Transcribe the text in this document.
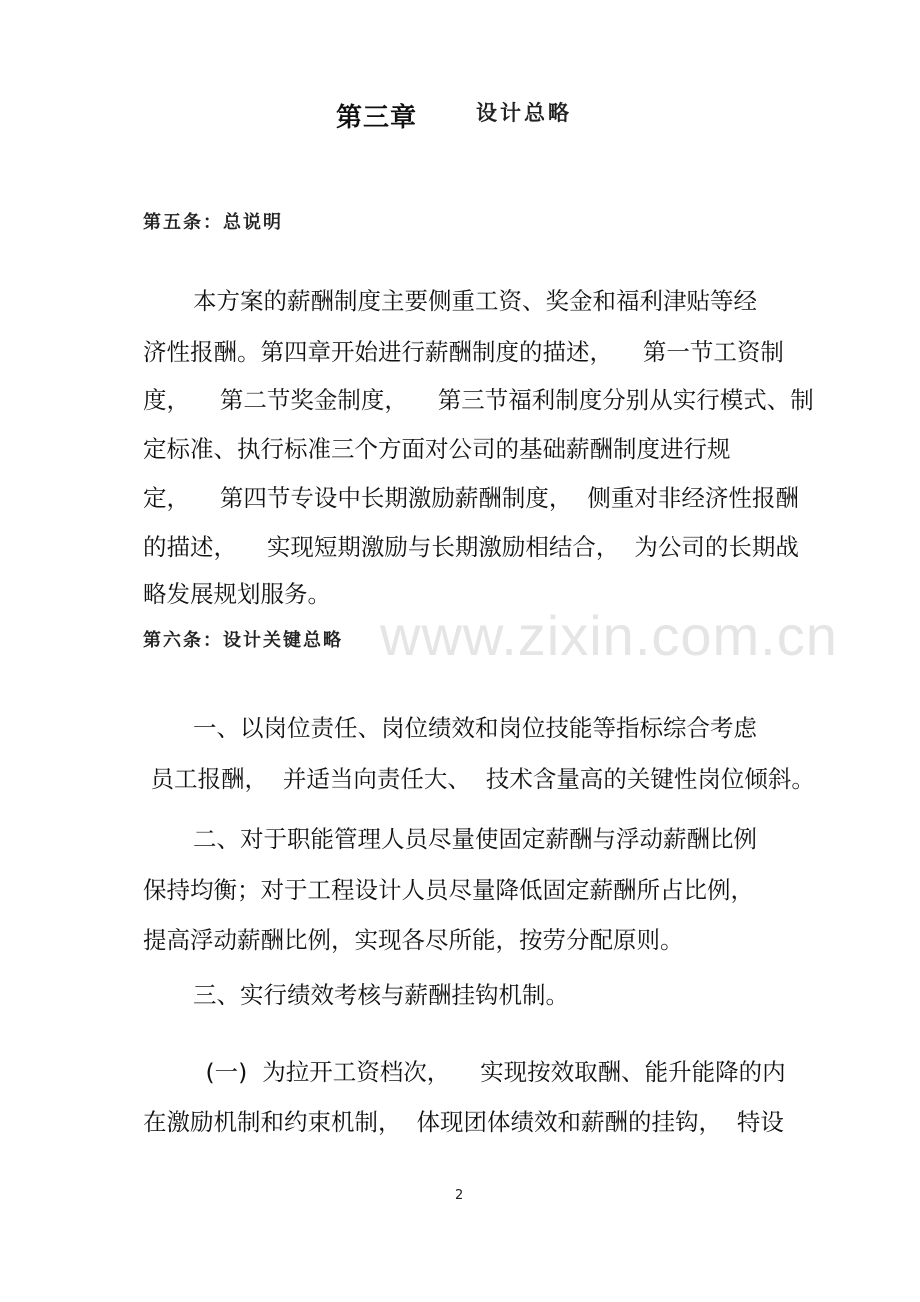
www.zixin.com.cn
第三章	设计总略
第五条：总说明
本方案的薪酬制度主要侧重工资、奖金和福利津贴等经
济性报酬。第四章开始进行薪酬制度的描述，    第一节工资制
度，    第二节奖金制度，    第三节福利制度分别从实行模式、制
定标准、执行标准三个方面对公司的基础薪酬制度进行规
定，    第四节专设中长期激励薪酬制度，  侧重对非经济性报酬
的描述，    实现短期激励与长期激励相结合，  为公司的长期战
略发展规划服务。
第六条：设计关键总略
一、以岗位责任、岗位绩效和岗位技能等指标综合考虑
员工报酬，  并适当向责任大、  技术含量高的关键性岗位倾斜。
二、对于职能管理人员尽量使固定薪酬与浮动薪酬比例
保持均衡；对于工程设计人员尽量降低固定薪酬所占比例，
提高浮动薪酬比例，实现各尽所能，按劳分配原则。
三、实行绩效考核与薪酬挂钩机制。
(一)  为拉开工资档次，    实现按效取酬、能升能降的内
在激励机制和约束机制，  体现团体绩效和薪酬的挂钩，  特设
2
